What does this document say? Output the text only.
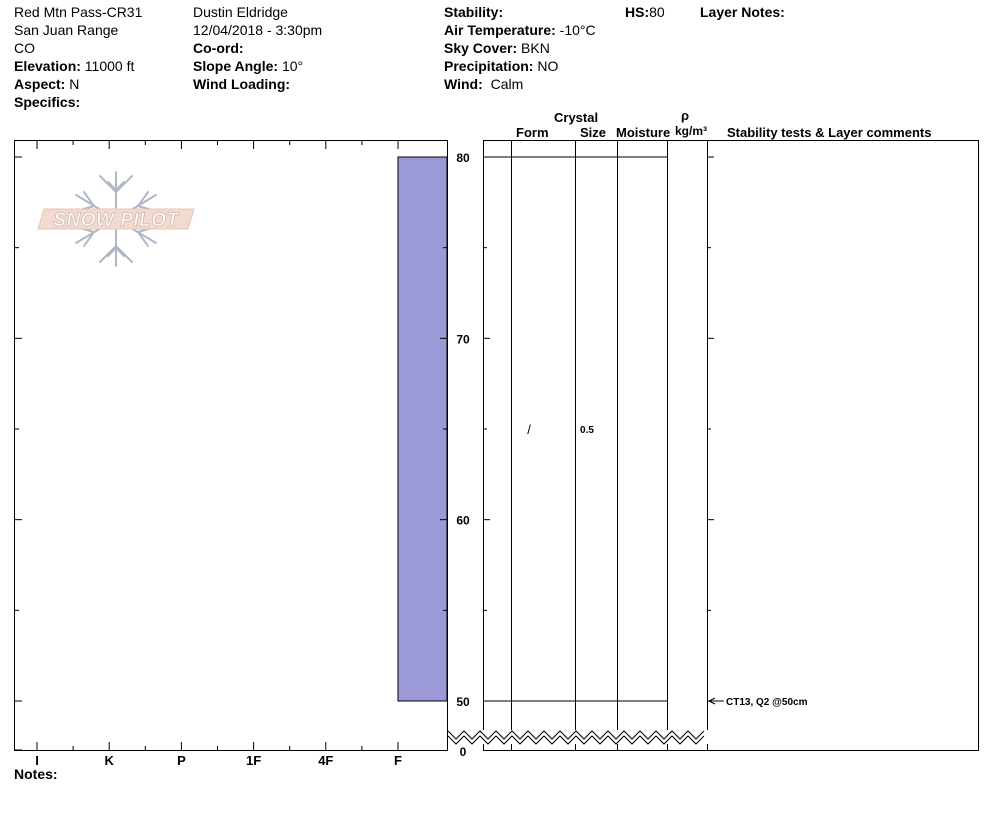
Red Mtn Pass-CR31
San Juan Range
CO
Elevation: 11000 ft
Aspect: N
Specifics:
Dustin Eldridge
12/04/2018 - 3:30pm
Co-ord:
Slope Angle: 10°
Wind Loading:
Stability:
Air Temperature: -10°C
Sky Cover: BKN
Precipitation: NO
Wind: Calm
HS:80	Layer Notes:
Crystal
Form Size Moisture
ρ
kg/m³ Stability tests & Layer comments
Notes:
I	K	P	1F	4F	F
SNOW PILOT
0
50
60
70
80
/	0.5
CT13, Q2 @50cm
